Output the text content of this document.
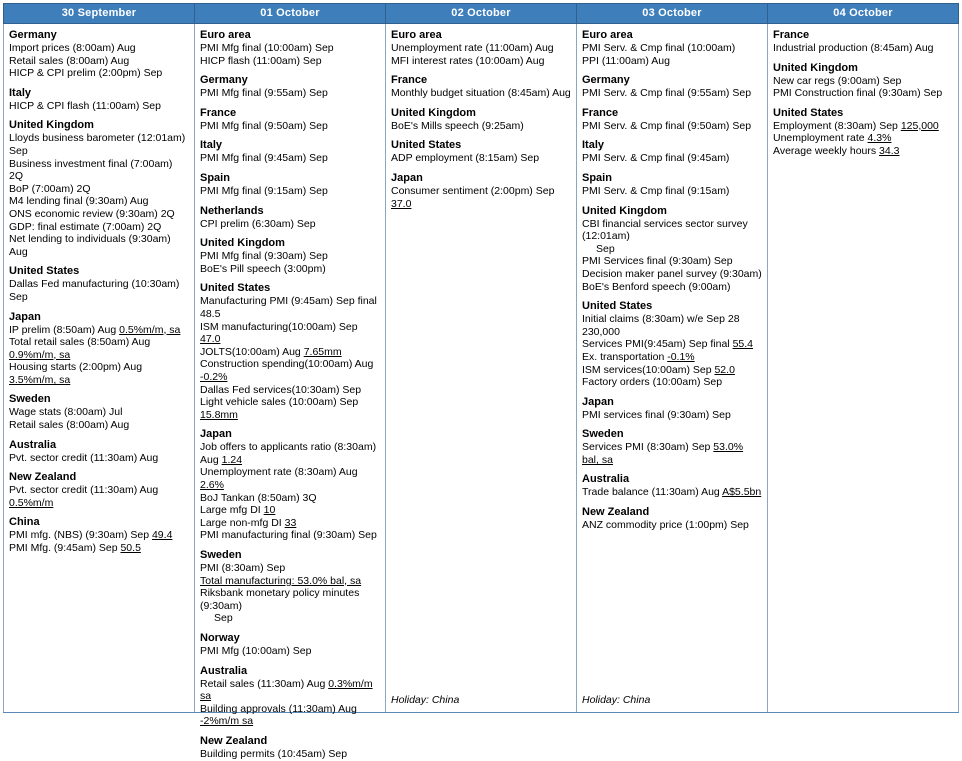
30 September	01 October	02 October	03 October	04 October

Germany
Import prices (8:00am) Aug
Retail sales (8:00am) Aug
HICP & CPI prelim (2:00pm) Sep
Italy
HICP & CPI flash (11:00am) Sep
United Kingdom
Lloyds business barometer (12:01am) Sep
Business investment final (7:00am) 2Q
BoP (7:00am) 2Q
M4 lending final (9:30am) Aug
ONS economic review (9:30am) 2Q
GDP: final estimate (7:00am) 2Q
Net lending to individuals (9:30am) Aug
United States
Dallas Fed manufacturing (10:30am) Sep
Japan
IP prelim (8:50am) Aug 0.5%m/m, sa
Total retail sales (8:50am) Aug 0.9%m/m, sa
Housing starts (2:00pm) Aug 3.5%m/m, sa
Sweden
Wage stats (8:00am) Jul
Retail sales (8:00am) Aug
Australia
Pvt. sector credit (11:30am) Aug
New Zealand
Pvt. sector credit (11:30am) Aug 0.5%m/m
China
PMI mfg. (NBS) (9:30am) Sep 49.4
PMI Mfg. (9:45am) Sep 50.5

Euro area
PMI Mfg final (10:00am) Sep
HICP flash (11:00am) Sep
Germany
PMI Mfg final (9:55am) Sep
France
PMI Mfg final (9:50am) Sep
Italy
PMI Mfg final (9:45am) Sep
Spain
PMI Mfg final (9:15am) Sep
Netherlands
CPI prelim (6:30am) Sep
United Kingdom
PMI Mfg final (9:30am) Sep
BoE's Pill speech (3:00pm)
United States
Manufacturing PMI (9:45am) Sep final 48.5
ISM manufacturing(10:00am) Sep 47.0
JOLTS(10:00am) Aug 7.65mm
Construction spending(10:00am) Aug -0.2%
Dallas Fed services(10:30am) Sep
Light vehicle sales (10:00am) Sep 15.8mm
Japan
Job offers to applicants ratio (8:30am) Aug 1.24
Unemployment rate (8:30am) Aug 2.6%
BoJ Tankan (8:50am) 3Q
Large mfg DI 10
Large non-mfg DI 33
PMI manufacturing final (9:30am) Sep
Sweden
PMI (8:30am) Sep
Total manufacturing: 53.0% bal, sa
Riksbank monetary policy minutes (9:30am)
Sep
Norway
PMI Mfg (10:00am) Sep
Australia
Retail sales (11:30am) Aug 0.3%m/m sa
Building approvals (11:30am) Aug -2%m/m sa
New Zealand
Building permits (10:45am) Sep

Euro area
Unemployment rate (11:00am) Aug
MFI interest rates (10:00am) Aug
France
Monthly budget situation (8:45am) Aug
United Kingdom
BoE's Mills speech (9:25am)
United States
ADP employment (8:15am) Sep
Japan
Consumer sentiment (2:00pm) Sep 37.0
Holiday: China

Euro area
PMI Serv. & Cmp final (10:00am)
PPI (11:00am) Aug
Germany
PMI Serv. & Cmp final (9:55am) Sep
France
PMI Serv. & Cmp final (9:50am) Sep
Italy
PMI Serv. & Cmp final (9:45am)
Spain
PMI Serv. & Cmp final (9:15am)
United Kingdom
CBI financial services sector survey (12:01am)
Sep
PMI Services final (9:30am) Sep
Decision maker panel survey (9:30am)
BoE's Benford speech (9:00am)
United States
Initial claims (8:30am) w/e Sep 28 230,000
Services PMI(9:45am) Sep final 55.4
Ex. transportation -0.1%
ISM services(10:00am) Sep 52.0
Factory orders (10:00am) Sep
Japan
PMI services final (9:30am) Sep
Sweden
Services PMI (8:30am) Sep 53.0% bal, sa
Australia
Trade balance (11:30am) Aug A$5.5bn
New Zealand
ANZ commodity price (1:00pm) Sep
Holiday: China

France
Industrial production (8:45am) Aug
United Kingdom
New car regs (9:00am) Sep
PMI Construction final (9:30am) Sep
United States
Employment (8:30am) Sep 125,000
Unemployment rate 4.3%
Average weekly hours 34.3
